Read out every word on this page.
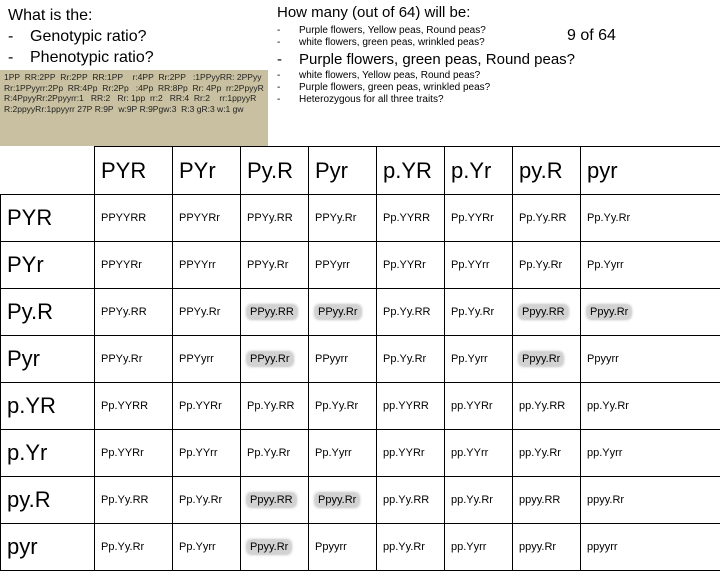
What is the:
- Genotypic ratio?
- Phenotypic ratio?
1PP  RR:2PP  Rr:2PP  RR:1PP    r:4PP  Rr:2PP   :1PPyyRR: 2PPyyRr:1PPyyrr:2Pp  RR:4Pp  Rr:2Pp   :4Pp  RR:8Pp  Rr: 4Pp  rr:2PpyyRR:4PpyyRr:2Ppyyrr:1   RR:2   Rr: 1pp  rr:2   RR:4  Rr:2    rr:1ppyyRR:2ppyyRr:1ppyyrr 27P R:9P  w:9P R:9Pgw:3  R:3 gR:3 w:1 gw
How many (out of 64) will be:
- Purple flowers, Yellow peas, Round peas?
- white flowers, green peas, wrinkled peas?	9 of 64
- Purple flowers, green peas, Round peas?
- white flowers, Yellow peas, Round peas?
- Purple flowers, green peas, wrinkled peas?
- Heterozygous for all three traits?
	PYR	PYr	Py.R	Pyr	p.YR	p.Yr	py.R	pyr
PYR	PPYYRR	PPYYRr	PPYy.RR	PPYy.Rr	Pp.YYRR	Pp.YYRr	Pp.Yy.RR	Pp.Yy.Rr
PYr	PPYYRr	PPYYrr	PPYy.Rr	PPYyrr	Pp.YYRr	Pp.YYrr	Pp.Yy.Rr	Pp.Yyrr
Py.R	PPYy.RR	PPYy.Rr	PPyy.RR	PPyy.Rr	Pp.Yy.RR	Pp.Yy.Rr	Ppyy.RR	Ppyy.Rr
Pyr	PPYy.Rr	PPYyrr	PPyy.Rr	PPyyrr	Pp.Yy.Rr	Pp.Yyrr	Ppyy.Rr	Ppyyrr
p.YR	Pp.YYRR	Pp.YYRr	Pp.Yy.RR	Pp.Yy.Rr	pp.YYRR	pp.YYRr	pp.Yy.RR	pp.Yy.Rr
p.Yr	Pp.YYRr	Pp.YYrr	Pp.Yy.Rr	Pp.Yyrr	pp.YYRr	pp.YYrr	pp.Yy.Rr	pp.Yyrr
py.R	Pp.Yy.RR	Pp.Yy.Rr	Ppyy.RR	Ppyy.Rr	pp.Yy.RR	pp.Yy.Rr	ppyy.RR	ppyy.Rr
pyr	Pp.Yy.Rr	Pp.Yyrr	Ppyy.Rr	Ppyyrr	pp.Yy.Rr	pp.Yyrr	ppyy.Rr	ppyyrr
